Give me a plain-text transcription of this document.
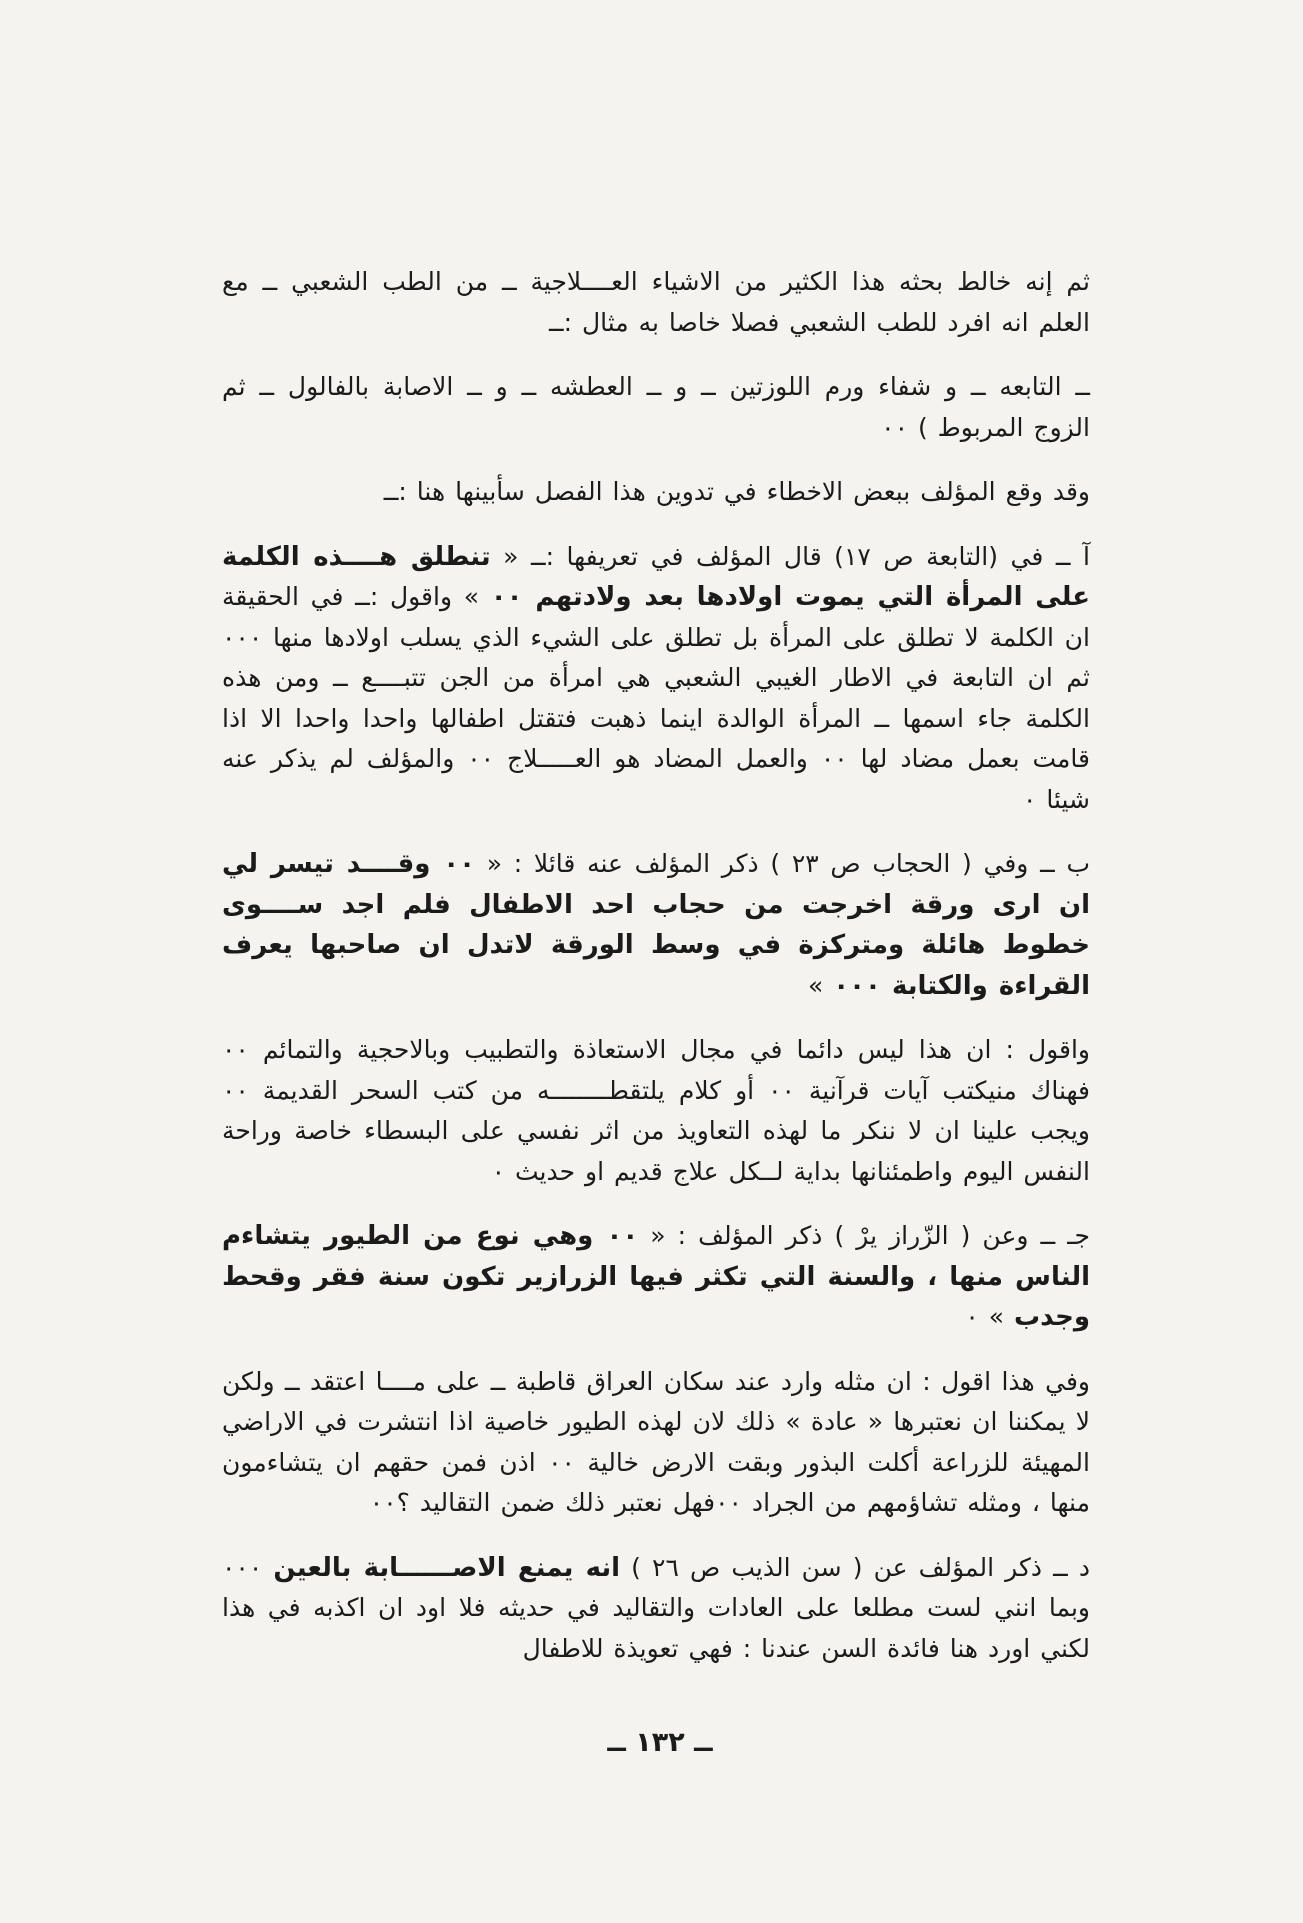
ثم إنه خالط بحثه هذا الكثير من الاشياء العــــلاجية ــ من الطب الشعبي ــ مع العلم انه افرد للطب الشعبي فصلا خاصا به مثال :ــ

ــ التابعه ــ و شفاء ورم اللوزتين ــ و ــ العطشه ــ و ــ الاصابة بالفالول ــ ثم الزوج المربوط ) ٠٠

وقد وقع المؤلف ببعض الاخطاء في تدوين هذا الفصل سأبينها هنا :ــ

آ ــ في (التابعة ص ١٧) قال المؤلف في تعريفها :ــ « تنطلق هــــذه الكلمة على المرأة التي يموت اولادها بعد ولادتهم ٠٠ » واقول :ــ في الحقيقة ان الكلمة لا تطلق على المرأة بل تطلق على الشيء الذي يسلب اولادها منها ٠٠٠ ثم ان التابعة في الاطار الغيبي الشعبي هي امرأة من الجن تتبــــع ــ ومن هذه الكلمة جاء اسمها ــ المرأة الوالدة اينما ذهبت فتقتل اطفالها واحدا واحدا الا اذا قامت بعمل مضاد لها ٠٠ والعمل المضاد هو العـــــلاج ٠٠ والمؤلف لم يذكر عنه شيئا ٠

ب ــ وفي ( الحجاب ص ٢٣ ) ذكر المؤلف عنه قائلا : « ٠٠ وقــــد تيسر لي ان ارى ورقة اخرجت من حجاب احد الاطفال فلم اجد ســــوى خطوط هائلة ومتركزة في وسط الورقة لاتدل ان صاحبها يعرف القراءة والكتابة ٠٠٠ »

واقول : ان هذا ليس دائما في مجال الاستعاذة والتطبيب وبالاحجية والتمائم ٠٠ فهناك منيكتب آيات قرآنية ٠٠ أو كلام يلتقطــــــــه من كتب السحر القديمة ٠٠ ويجب علينا ان لا ننكر ما لهذه التعاويذ من اثر نفسي على البسطاء خاصة وراحة النفس اليوم واطمئنانها بداية لــكل علاج قديم او حديث ٠

جـ ــ وعن ( الزّراز يرْ ) ذكر المؤلف : « ٠٠ وهي نوع من الطيور يتشاءم الناس منها ، والسنة التي تكثر فيها الزرازير تكون سنة فقر وقحط وجدب » ٠

وفي هذا اقول : ان مثله وارد عند سكان العراق قاطبة ــ على مــــا اعتقد ــ ولكن لا يمكننا ان نعتبرها « عادة » ذلك لان لهذه الطيور خاصية اذا انتشرت في الاراضي المهيئة للزراعة أكلت البذور وبقت الارض خالية ٠٠ اذن فمن حقهم ان يتشاءمون منها ، ومثله تشاؤمهم من الجراد ٠٠فهل نعتبر ذلك ضمن التقاليد ؟٠٠

د ــ ذكر المؤلف عن ( سن الذيب ص ٢٦ ) انه يمنع الاصــــــابة بالعين ٠٠٠ وبما انني لست مطلعا على العادات والتقاليد في حديثه فلا اود ان اكذبه في هذا لكني اورد هنا فائدة السن عندنا : فهي تعويذة للاطفال

ــ ١٣٢ ــ
